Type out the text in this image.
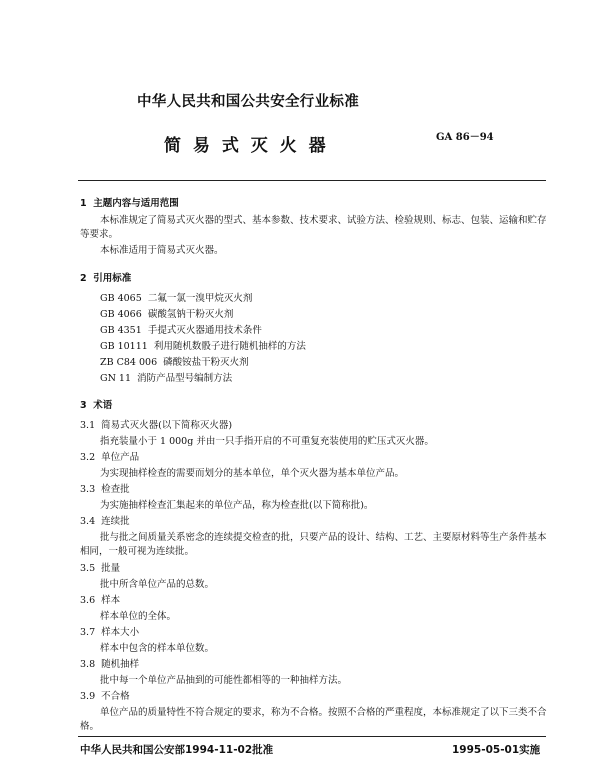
中华人民共和国公共安全行业标准
GA 86－94
简 易 式 灭 火 器
1 主题内容与适用范围
本标准规定了简易式灭火器的型式、基本参数、技术要求、试验方法、检验规则、标志、包装、运输和贮存等要求。
本标准适用于简易式灭火器。
2 引用标准
GB 4065 二氟一氯一溴甲烷灭火剂
GB 4066 碳酸氢钠干粉灭火剂
GB 4351 手提式灭火器通用技术条件
GB 10111 利用随机数骰子进行随机抽样的方法
ZB C84 006 磷酸铵盐干粉灭火剂
GN 11 消防产品型号编制方法
3 术语
3.1 简易式灭火器(以下简称灭火器)
指充装量小于 1 000g 并由一只手指开启的不可重复充装使用的贮压式灭火器。
3.2 单位产品
为实现抽样检查的需要而划分的基本单位，单个灭火器为基本单位产品。
3.3 检查批
为实施抽样检查汇集起来的单位产品，称为检查批(以下简称批)。
3.4 连续批
批与批之间质量关系密念的连续提交检查的批，只要产品的设计、结构、工艺、主要原材料等生产条件基本相同，一般可视为连续批。
3.5 批量
批中所含单位产品的总数。
3.6 样本
样本单位的全体。
3.7 样本大小
样本中包含的样本单位数。
3.8 随机抽样
批中每一个单位产品抽到的可能性都相等的一种抽样方法。
3.9 不合格
单位产品的质量特性不符合规定的要求，称为不合格。按照不合格的严重程度，本标准规定了以下三类不合格。
中华人民共和国公安部1994-11-02批准	1995-05-01实施
